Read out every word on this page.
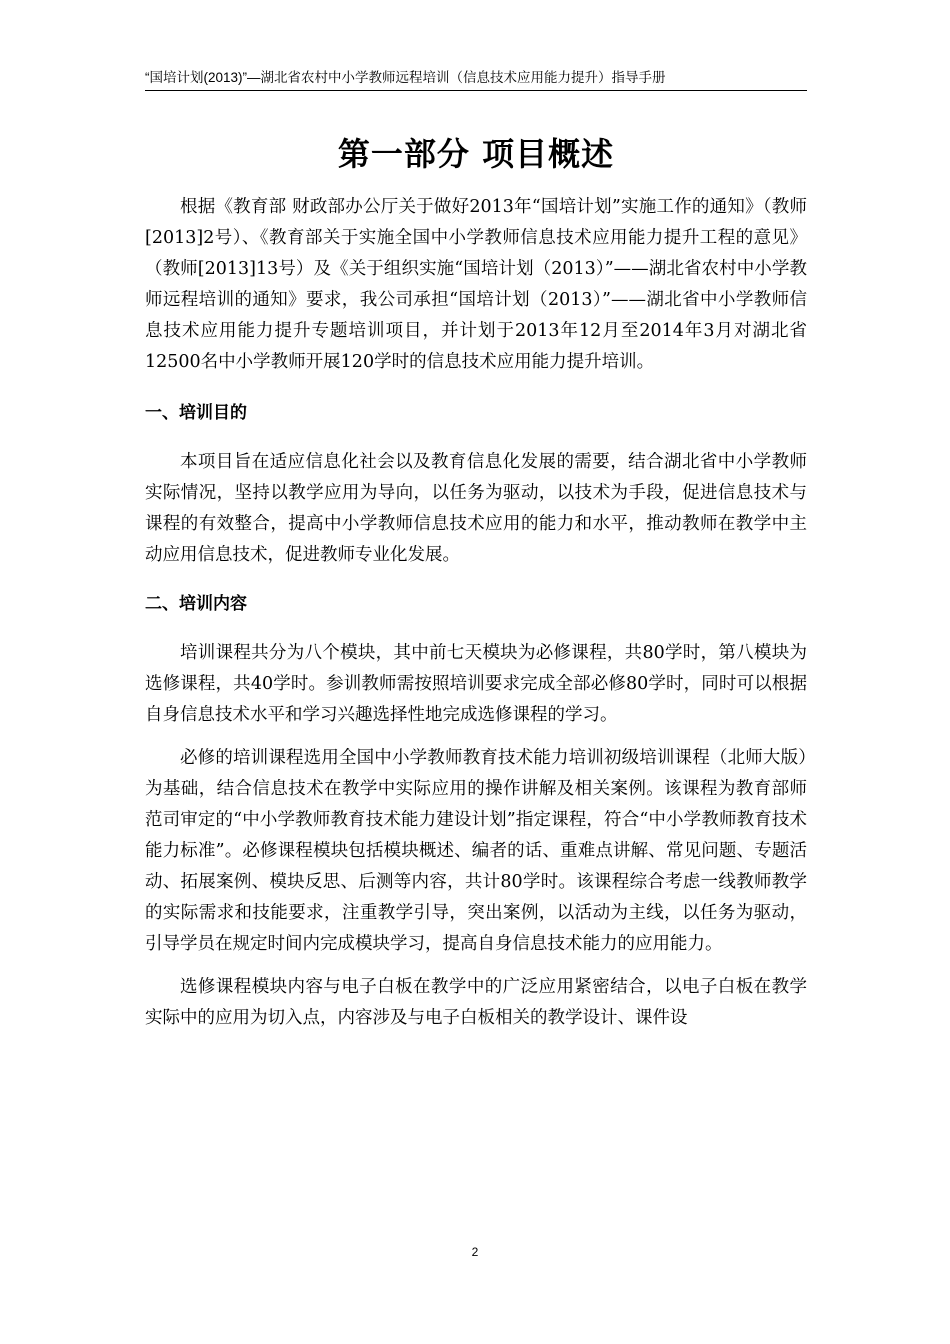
“国培计划(2013)”—湖北省农村中小学教师远程培训（信息技术应用能力提升）指导手册
第一部分 项目概述

根据《教育部 财政部办公厅关于做好2013年“国培计划”实施工作的通知》（教师[2013]2号）、《教育部关于实施全国中小学教师信息技术应用能力提升工程的意见》（教师[2013]13号）及《关于组织实施“国培计划（2013）”——湖北省农村中小学教师远程培训的通知》要求，我公司承担“国培计划（2013）”——湖北省中小学教师信息技术应用能力提升专题培训项目，并计划于2013年12月至2014年3月对湖北省12500名中小学教师开展120学时的信息技术应用能力提升培训。

一、培训目的

本项目旨在适应信息化社会以及教育信息化发展的需要，结合湖北省中小学教师实际情况，坚持以教学应用为导向，以任务为驱动，以技术为手段，促进信息技术与课程的有效整合，提高中小学教师信息技术应用的能力和水平，推动教师在教学中主动应用信息技术，促进教师专业化发展。

二、培训内容

培训课程共分为八个模块，其中前七天模块为必修课程，共80学时，第八模块为选修课程，共40学时。参训教师需按照培训要求完成全部必修80学时，同时可以根据自身信息技术水平和学习兴趣选择性地完成选修课程的学习。

必修的培训课程选用全国中小学教师教育技术能力培训初级培训课程（北师大版）为基础，结合信息技术在教学中实际应用的操作讲解及相关案例。该课程为教育部师范司审定的“中小学教师教育技术能力建设计划”指定课程，符合“中小学教师教育技术能力标准”。必修课程模块包括模块概述、编者的话、重难点讲解、常见问题、专题活动、拓展案例、模块反思、后测等内容，共计80学时。该课程综合考虑一线教师教学的实际需求和技能要求，注重教学引导，突出案例，以活动为主线，以任务为驱动，引导学员在规定时间内完成模块学习，提高自身信息技术能力的应用能力。

选修课程模块内容与电子白板在教学中的广泛应用紧密结合，以电子白板在教学实际中的应用为切入点，内容涉及与电子白板相关的教学设计、课件设

2
